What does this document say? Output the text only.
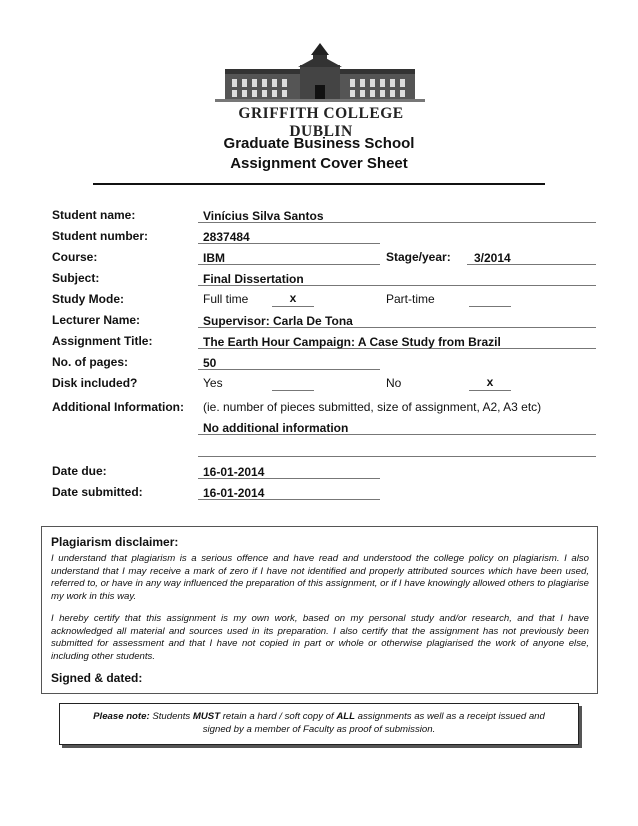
GRIFFITH COLLEGE DUBLIN
Graduate Business School
Assignment Cover Sheet
Student name:	Vinícius Silva Santos
Student number:	2837484
Course:	IBM	Stage/year:	3/2014
Subject:	Final Dissertation
Study Mode:	Full time	x	Part-time
Lecturer Name:	Supervisor: Carla De Tona
Assignment Title:	The Earth Hour Campaign: A Case Study from Brazil
No. of pages:	50
Disk included?	Yes	No	x
Additional Information: (ie. number of pieces submitted, size of assignment, A2, A3 etc)
No additional information
Date due:	16-01-2014
Date submitted:	16-01-2014
Plagiarism disclaimer:
I understand that plagiarism is a serious offence and have read and understood the college policy on plagiarism. I also understand that I may receive a mark of zero if I have not identified and properly attributed sources which have been used, referred to, or have in any way influenced the preparation of this assignment, or if I have knowingly allowed others to plagiarise my work in this way.
I hereby certify that this assignment is my own work, based on my personal study and/or research, and that I have acknowledged all material and sources used in its preparation. I also certify that the assignment has not previously been submitted for assessment and that I have not copied in part or whole or otherwise plagiarised the work of anyone else, including other students.
Signed & dated:
Please note: Students MUST retain a hard / soft copy of ALL assignments as well as a receipt issued and
signed by a member of Faculty as proof of submission.
